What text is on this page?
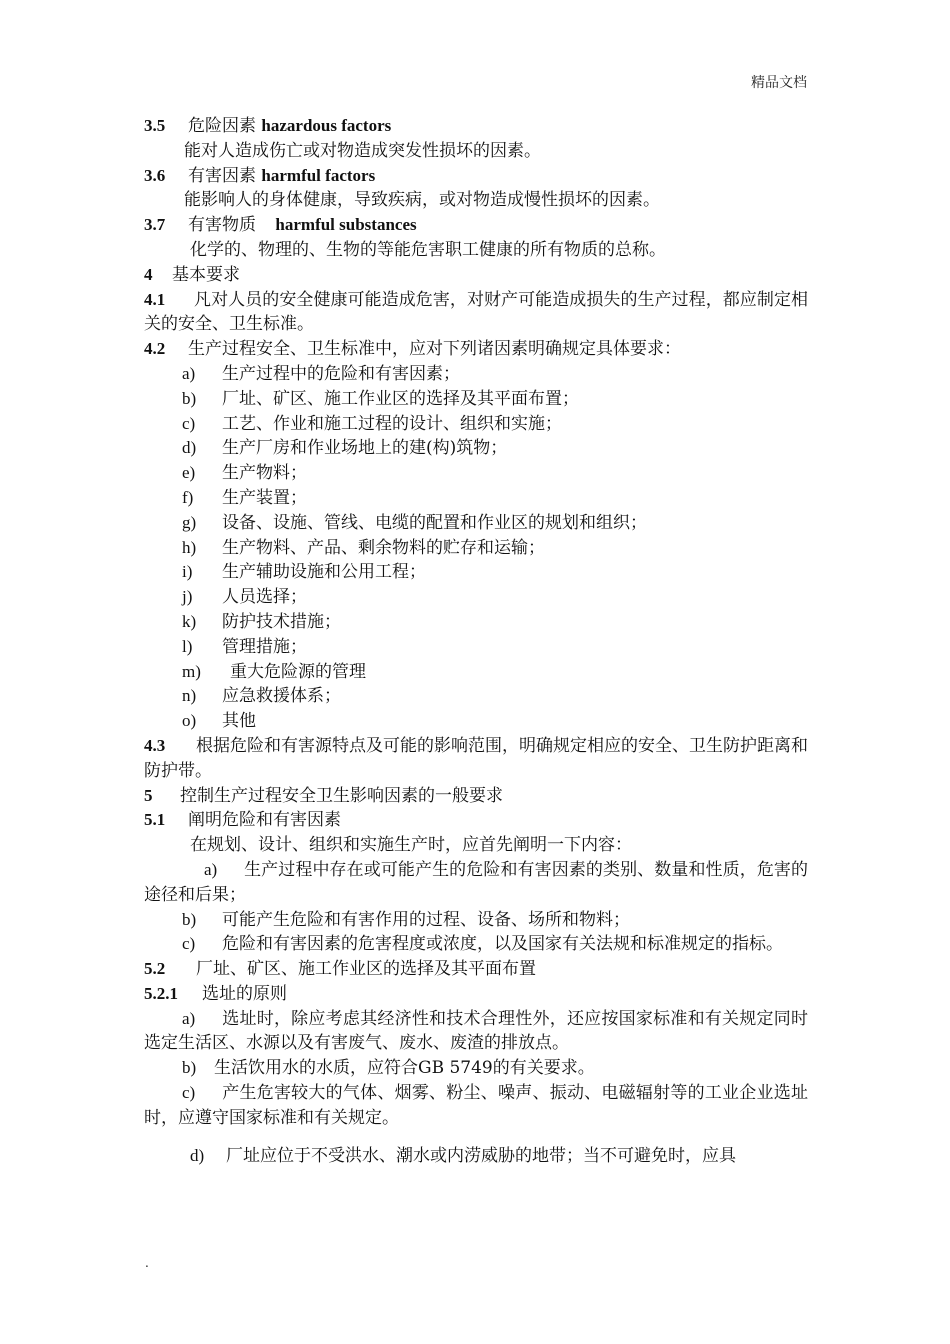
精品文档
3.5 危险因素 hazardous factors
能对人造成伤亡或对物造成突发性损坏的因素。
3.6 有害因素 harmful factors
能影响人的身体健康，导致疾病，或对物造成慢性损坏的因素。
3.7 有害物质 harmful substances
化学的、物理的、生物的等能危害职工健康的所有物质的总称。
4 基本要求
4.1 凡对人员的安全健康可能造成危害，对财产可能造成损失的生产过程，都应制定相关的安全、卫生标准。
4.2 生产过程安全、卫生标准中，应对下列诸因素明确规定具体要求：
a) 生产过程中的危险和有害因素；
b) 厂址、矿区、施工作业区的选择及其平面布置；
c) 工艺、作业和施工过程的设计、组织和实施；
d) 生产厂房和作业场地上的建(构)筑物；
e) 生产物料；
f) 生产装置；
g) 设备、设施、管线、电缆的配置和作业区的规划和组织；
h) 生产物料、产品、剩余物料的贮存和运输；
i) 生产辅助设施和公用工程；
j) 人员选择；
k) 防护技术措施；
l) 管理措施；
m) 重大危险源的管理
n) 应急救援体系；
o) 其他
4.3 根据危险和有害源特点及可能的影响范围，明确规定相应的安全、卫生防护距离和防护带。
5 控制生产过程安全卫生影响因素的一般要求
5.1 阐明危险和有害因素
在规划、设计、组织和实施生产时，应首先阐明一下内容：
a) 生产过程中存在或可能产生的危险和有害因素的类别、数量和性质，危害的途径和后果；
b) 可能产生危险和有害作用的过程、设备、场所和物料；
c) 危险和有害因素的危害程度或浓度，以及国家有关法规和标准规定的指标。
5.2 厂址、矿区、施工作业区的选择及其平面布置
5.2.1 选址的原则
a) 选址时，除应考虑其经济性和技术合理性外，还应按国家标准和有关规定同时选定生活区、水源以及有害废气、废水、废渣的排放点。
b) 生活饮用水的水质，应符合GB 5749的有关要求。
c) 产生危害较大的气体、烟雾、粉尘、噪声、振动、电磁辐射等的工业企业选址时，应遵守国家标准和有关规定。
d) 厂址应位于不受洪水、潮水或内涝威胁的地带；当不可避免时，应具
.
